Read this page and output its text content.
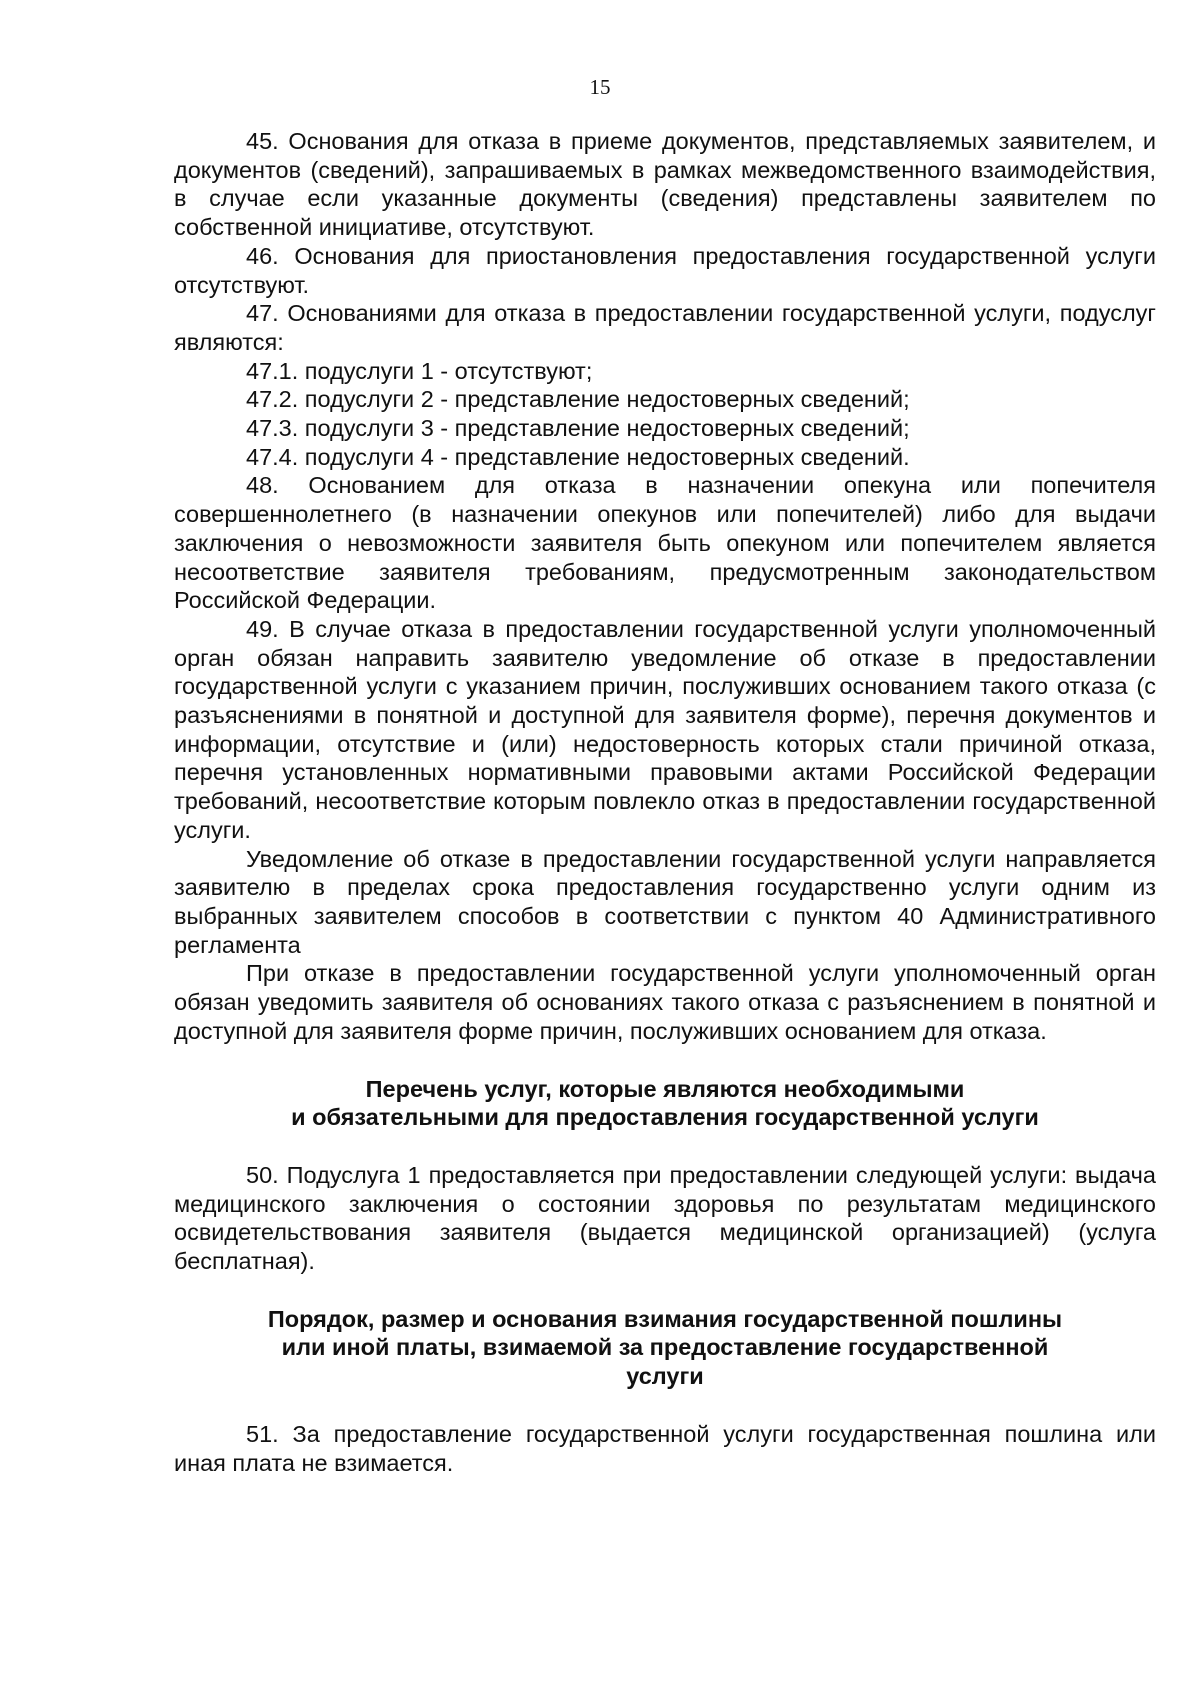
15

45. Основания для отказа в приеме документов, представляемых заявителем, и документов (сведений), запрашиваемых в рамках межведомственного взаимодействия, в случае если указанные документы (сведения) представлены заявителем по собственной инициативе, отсутствуют.

46. Основания для приостановления предоставления государственной услуги отсутствуют.

47. Основаниями для отказа в предоставлении государственной услуги, подуслуг являются:

47.1. подуслуги 1 - отсутствуют;

47.2. подуслуги 2 - представление недостоверных сведений;

47.3. подуслуги 3 - представление недостоверных сведений;

47.4. подуслуги 4 - представление недостоверных сведений.

48. Основанием для отказа в назначении опекуна или попечителя совершеннолетнего (в назначении опекунов или попечителей) либо для выдачи заключения о невозможности заявителя быть опекуном или попечителем является несоответствие заявителя требованиям, предусмотренным законодательством Российской Федерации.

49. В случае отказа в предоставлении государственной услуги уполномоченный орган обязан направить заявителю уведомление об отказе в предоставлении государственной услуги с указанием причин, послуживших основанием такого отказа (с разъяснениями в понятной и доступной для заявителя форме), перечня документов и информации, отсутствие и (или) недостоверность которых стали причиной отказа, перечня установленных нормативными правовыми актами Российской Федерации требований, несоответствие которым повлекло отказ в предоставлении государственной услуги.

Уведомление об отказе в предоставлении государственной услуги направляется заявителю в пределах срока предоставления государственно услуги одним из выбранных заявителем способов в соответствии с пунктом 40 Административного регламента

При отказе в предоставлении государственной услуги уполномоченный орган обязан уведомить заявителя об основаниях такого отказа с разъяснением в понятной и доступной для заявителя форме причин, послуживших основанием для отказа.

Перечень услуг, которые являются необходимыми
и обязательными для предоставления государственной услуги

50. Подуслуга 1 предоставляется при предоставлении следующей услуги: выдача медицинского заключения о состоянии здоровья по результатам медицинского освидетельствования заявителя (выдается медицинской организацией) (услуга бесплатная).

Порядок, размер и основания взимания государственной пошлины
или иной платы, взимаемой за предоставление государственной
услуги

51. За предоставление государственной услуги государственная пошлина или иная плата не взимается.
